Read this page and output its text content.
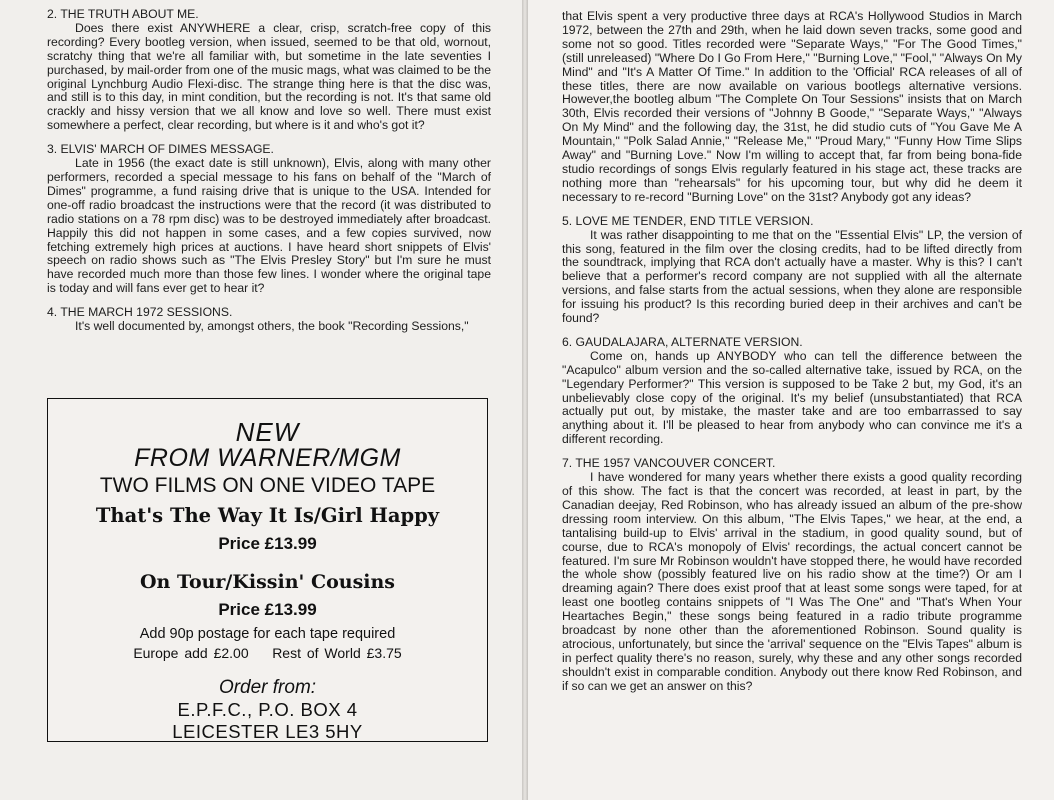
2. THE TRUTH ABOUT ME.
Does there exist ANYWHERE a clear, crisp, scratch-free copy of this recording? Every bootleg version, when issued, seemed to be that old, wornout, scratchy thing that we're all familiar with, but sometime in the late seventies I purchased, by mail-order from one of the music mags, what was claimed to be the original Lynchburg Audio Flexi-disc. The strange thing here is that the disc was, and still is to this day, in mint condition, but the recording is not. It's that same old crackly and hissy version that we all know and love so well. There must exist somewhere a perfect, clear recording, but where is it and who's got it?
3. ELVIS' MARCH OF DIMES MESSAGE.
Late in 1956 (the exact date is still unknown), Elvis, along with many other performers, recorded a special message to his fans on behalf of the "March of Dimes" programme, a fund raising drive that is unique to the USA. Intended for one-off radio broadcast the instructions were that the record (it was distributed to radio stations on a 78 rpm disc) was to be destroyed immediately after broadcast. Happily this did not happen in some cases, and a few copies survived, now fetching extremely high prices at auctions. I have heard short snippets of Elvis' speech on radio shows such as "The Elvis Presley Story" but I'm sure he must have recorded much more than those few lines. I wonder where the original tape is today and will fans ever get to hear it?
4. THE MARCH 1972 SESSIONS.
It's well documented by, amongst others, the book "Recording Sessions,"
NEW
FROM WARNER/MGM
TWO FILMS ON ONE VIDEO TAPE
That's The Way It Is/Girl Happy
Price £13.99
On Tour/Kissin' Cousins
Price £13.99
Add 90p postage for each tape required
Europe add £2.00    Rest of World £3.75
Order from:
E.P.F.C., P.O. BOX 4
LEICESTER LE3 5HY
that Elvis spent a very productive three days at RCA's Hollywood Studios in March 1972, between the 27th and 29th, when he laid down seven tracks, some good and some not so good. Titles recorded were "Separate Ways," "For The Good Times," (still unreleased) "Where Do I Go From Here," "Burning Love," "Fool," "Always On My Mind" and "It's A Matter Of Time." In addition to the 'Official' RCA releases of all of these titles, there are now available on various bootlegs alternative versions. However,the bootleg album "The Complete On Tour Sessions" insists that on March 30th, Elvis recorded their versions of "Johnny B Goode," "Separate Ways," "Always On My Mind" and the following day, the 31st, he did studio cuts of "You Gave Me A Mountain," "Polk Salad Annie," "Release Me," "Proud Mary," "Funny How Time Slips Away" and "Burning Love." Now I'm willing to accept that, far from being bona-fide studio recordings of songs Elvis regularly featured in his stage act, these tracks are nothing more than "rehearsals" for his upcoming tour, but why did he deem it necessary to re-record "Burning Love" on the 31st? Anybody got any ideas?
5. LOVE ME TENDER, END TITLE VERSION.
It was rather disappointing to me that on the "Essential Elvis" LP, the version of this song, featured in the film over the closing credits, had to be lifted directly from the soundtrack, implying that RCA don't actually have a master. Why is this? I can't believe that a performer's record company are not supplied with all the alternate versions, and false starts from the actual sessions, when they alone are responsible for issuing his product? Is this recording buried deep in their archives and can't be found?
6. GAUDALAJARA, ALTERNATE VERSION.
Come on, hands up ANYBODY who can tell the difference between the "Acapulco" album version and the so-called alternative take, issued by RCA, on the "Legendary Performer?" This version is supposed to be Take 2 but, my God, it's an unbelievably close copy of the original. It's my belief (unsubstantiated) that RCA actually put out, by mistake, the master take and are too embarrassed to say anything about it. I'll be pleased to hear from anybody who can convince me it's a different recording.
7. THE 1957 VANCOUVER CONCERT.
I have wondered for many years whether there exists a good quality recording of this show. The fact is that the concert was recorded, at least in part, by the Canadian deejay, Red Robinson, who has already issued an album of the pre-show dressing room interview. On this album, "The Elvis Tapes," we hear, at the end, a tantalising build-up to Elvis' arrival in the stadium, in good quality sound, but of course, due to RCA's monopoly of Elvis' recordings, the actual concert cannot be featured. I'm sure Mr Robinson wouldn't have stopped there, he would have recorded the whole show (possibly featured live on his radio show at the time?) Or am I dreaming again? There does exist proof that at least some songs were taped, for at least one bootleg contains snippets of "I Was The One" and "That's When Your Heartaches Begin," these songs being featured in a radio tribute programme broadcast by none other than the aforementioned Robinson. Sound quality is atrocious, unfortunately, but since the 'arrival' sequence on the "Elvis Tapes" album is in perfect quality there's no reason, surely, why these and any other songs recorded shouldn't exist in comparable condition. Anybody out there know Red Robinson, and if so can we get an answer on this?
